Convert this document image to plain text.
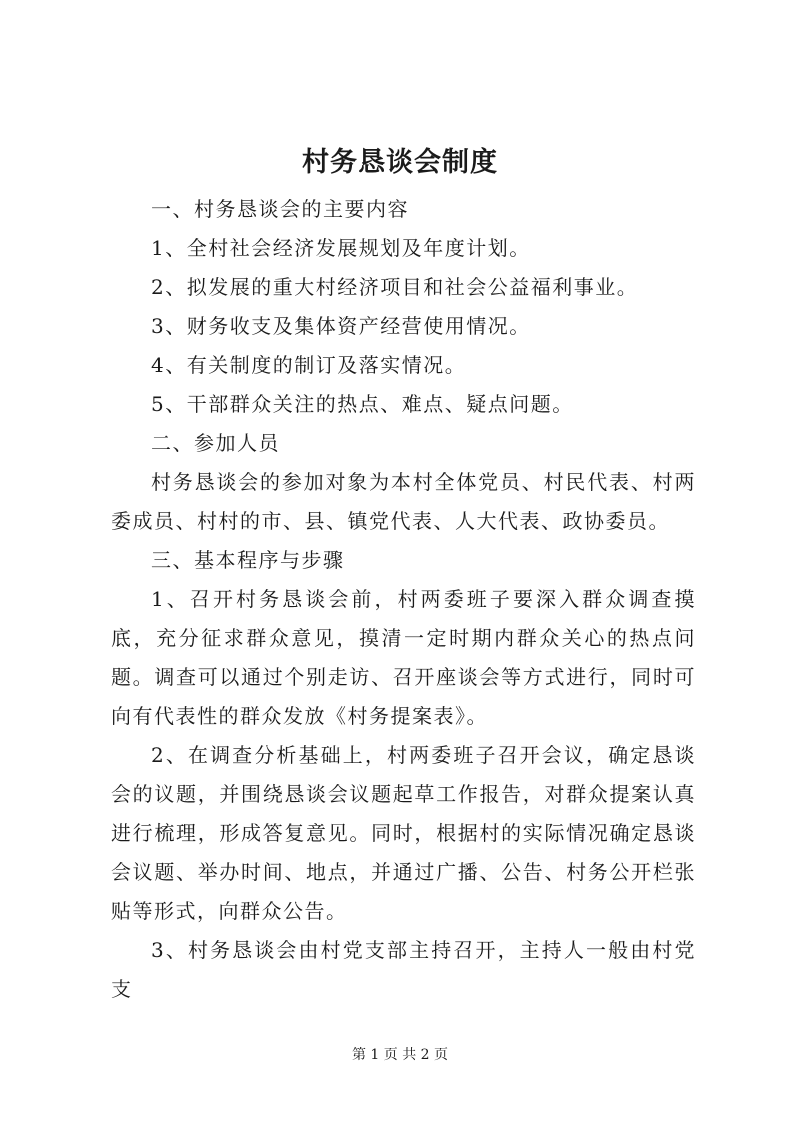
村务恳谈会制度

一、村务恳谈会的主要内容

1、全村社会经济发展规划及年度计划。

2、拟发展的重大村经济项目和社会公益福利事业。

3、财务收支及集体资产经营使用情况。

4、有关制度的制订及落实情况。

5、干部群众关注的热点、难点、疑点问题。

二、参加人员

村务恳谈会的参加对象为本村全体党员、村民代表、村两委成员、村村的市、县、镇党代表、人大代表、政协委员。

三、基本程序与步骤

1、召开村务恳谈会前，村两委班子要深入群众调查摸底，充分征求群众意见，摸清一定时期内群众关心的热点问题。调查可以通过个别走访、召开座谈会等方式进行，同时可向有代表性的群众发放《村务提案表》。

2、在调查分析基础上，村两委班子召开会议，确定恳谈会的议题，并围绕恳谈会议题起草工作报告，对群众提案认真进行梳理，形成答复意见。同时，根据村的实际情况确定恳谈会议题、举办时间、地点，并通过广播、公告、村务公开栏张贴等形式，向群众公告。

3、村务恳谈会由村党支部主持召开，主持人一般由村党支

第 1 页 共 2 页
